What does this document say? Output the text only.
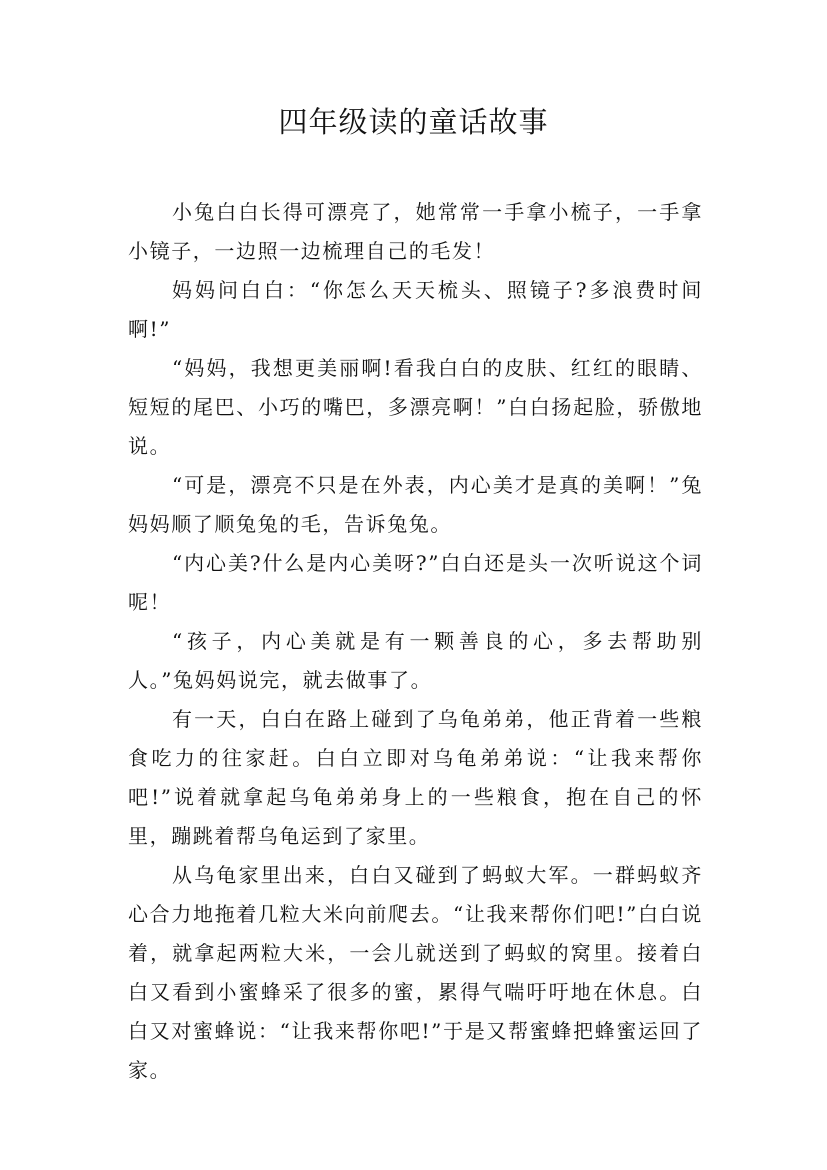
四年级读的童话故事

小兔白白长得可漂亮了，她常常一手拿小梳子，一手拿小镜子，一边照一边梳理自己的毛发！

妈妈问白白：“你怎么天天梳头、照镜子?多浪费时间啊!”

“妈妈，我想更美丽啊!看我白白的皮肤、红红的眼睛、短短的尾巴、小巧的嘴巴，多漂亮啊！”白白扬起脸，骄傲地说。

“可是，漂亮不只是在外表，内心美才是真的美啊！”兔妈妈顺了顺兔兔的毛，告诉兔兔。

“内心美?什么是内心美呀?”白白还是头一次听说这个词呢！

“孩子，内心美就是有一颗善良的心，多去帮助别人。”兔妈妈说完，就去做事了。

有一天，白白在路上碰到了乌龟弟弟，他正背着一些粮食吃力的往家赶。白白立即对乌龟弟弟说：“让我来帮你吧!”说着就拿起乌龟弟弟身上的一些粮食，抱在自己的怀里，蹦跳着帮乌龟运到了家里。

从乌龟家里出来，白白又碰到了蚂蚁大军。一群蚂蚁齐心合力地拖着几粒大米向前爬去。“让我来帮你们吧!”白白说着，就拿起两粒大米，一会儿就送到了蚂蚁的窝里。接着白白又看到小蜜蜂采了很多的蜜，累得气喘吁吁地在休息。白白又对蜜蜂说：“让我来帮你吧!”于是又帮蜜蜂把蜂蜜运回了家。
